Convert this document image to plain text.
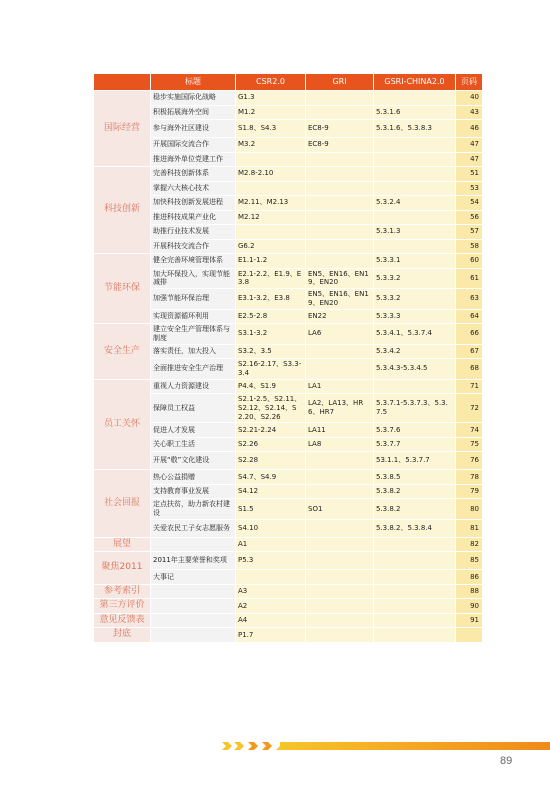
	标题	CSR2.0	GRI	GSRI-CHINA2.0	页码
国际经营	稳步实施国际化战略	G1.3			40
	积极拓展海外空间	M1.2		5.3.1.6	43
	参与海外社区建设	S1.8、S4.3	EC8-9	5.3.1.6、5.3.8.3	46
	开展国际交流合作	M3.2	EC8-9		47
	推进海外单位党建工作				47
科技创新	完善科技创新体系	M2.8-2.10			51
	掌握六大核心技术				53
	加快科技创新发展进程	M2.11、M2.13		5.3.2.4	54
	推进科技成果产业化	M2.12			56
	助推行业技术发展			5.3.1.3	57
	开展科技交流合作	G6.2			58
节能环保	健全完善环境管理体系	E1.1-1.2		5.3.3.1	60
	加大环保投入，实现节能减排	E2.1-2.2、E1.9、E3.8	EN5、EN16、EN19、EN20	5.3.3.2	61
	加强节能环保治理	E3.1-3.2、E3.8	EN5、EN16、EN19、EN20	5.3.3.2	63
	实现资源循环利用	E2.5-2.8	EN22	5.3.3.3	64
安全生产	建立安全生产管理体系与制度	S3.1-3.2	LA6	5.3.4.1、5.3.7.4	66
	落实责任，加大投入	S3.2、3.5		5.3.4.2	67
	全面推进安全生产治理	S2.16-2.17、S3.3-3.4		5.3.4.3-5.3.4.5	68
员工关怀	重视人力资源建设	P4.4、S1.9	LA1		71
	保障员工权益	S2.1-2.5、S2.11、S2.12、S2.14、S2.20、S2.26	LA2、LA13、HR6、HR7	5.3.7.1-5.3.7.3、5.3.7.5	72
	促进人才发展	S2.21-2.24	LA11	5.3.7.6	74
	关心职工生活	S2.26	LA8	5.3.7.7	75
	开展“敬”文化建设	S2.28		53.1.1、5.3.7.7	76
社会回报	热心公益捐赠	S4.7、S4.9		5.3.8.5	78
	支持教育事业发展	S4.12		5.3.8.2	79
	定点扶贫，助力新农村建设	S1.5	SO1	5.3.8.2	80
	关爱农民工子女志愿服务	S4.10		5.3.8.2、5.3.8.4	81
展望		A1			82
聚焦2011	2011年主要荣誉和奖项	P5.3			85
	大事记				86
参考索引		A3			88
第三方评价		A2			90
意见反馈表		A4			91
封底		P1.7			
89
